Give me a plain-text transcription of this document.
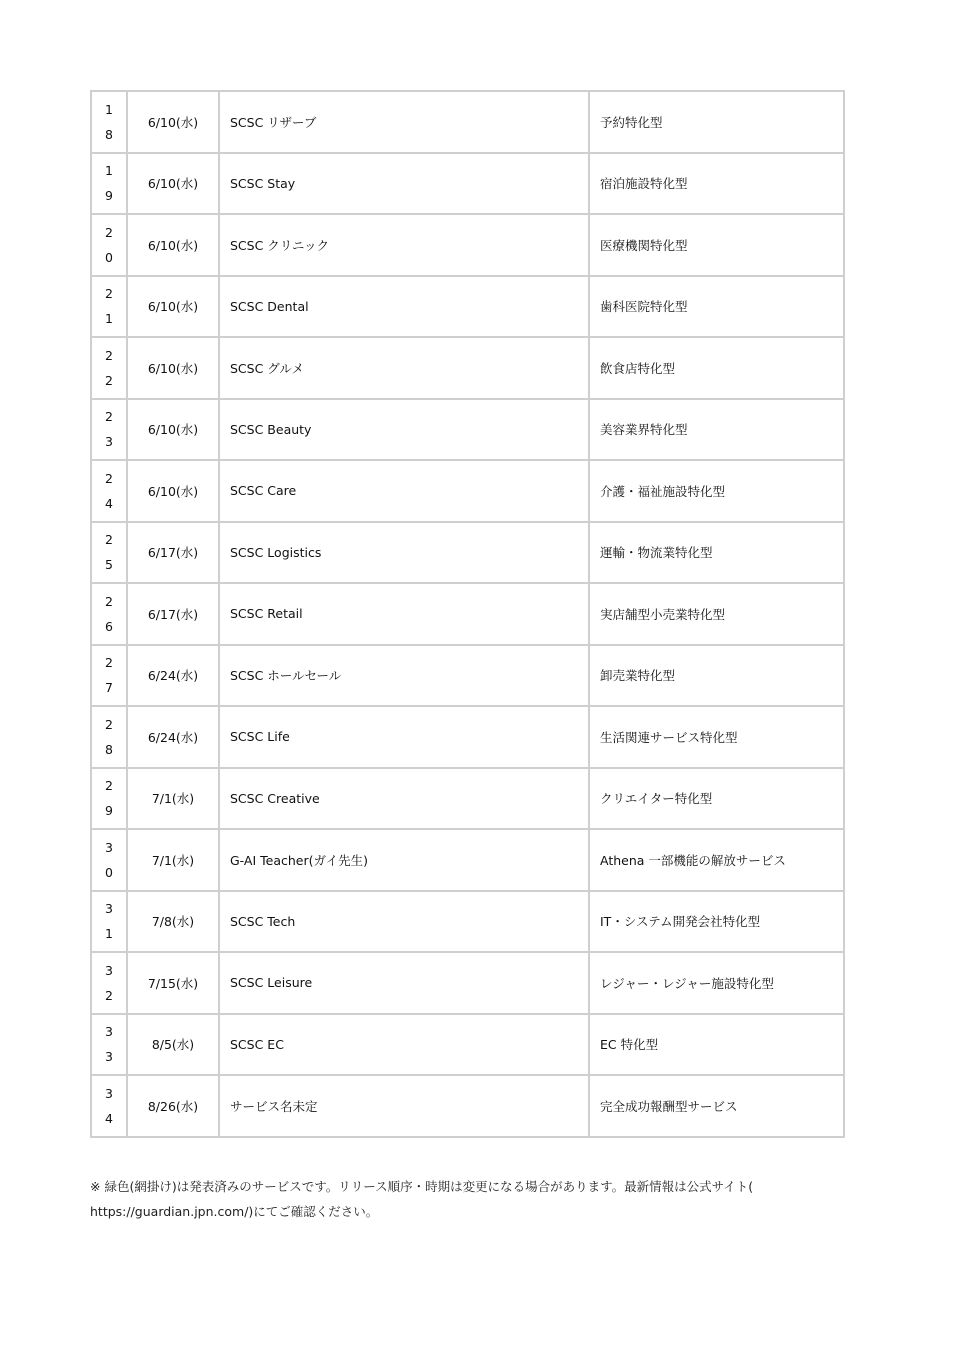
1
8	6/10(水)	SCSC リザーブ	予約特化型

1
9	6/10(水)	SCSC Stay	宿泊施設特化型

2
0	6/10(水)	SCSC クリニック	医療機関特化型

2
1	6/10(水)	SCSC Dental	歯科医院特化型

2
2	6/10(水)	SCSC グルメ	飲食店特化型

2
3	6/10(水)	SCSC Beauty	美容業界特化型

2
4	6/10(水)	SCSC Care	介護・福祉施設特化型

2
5	6/17(水)	SCSC Logistics	運輸・物流業特化型

2
6	6/17(水)	SCSC Retail	実店舗型小売業特化型

2
7	6/24(水)	SCSC ホールセール	卸売業特化型

2
8	6/24(水)	SCSC Life	生活関連サービス特化型

2
9	7/1(水)	SCSC Creative	クリエイター特化型

3
0	7/1(水)	G-AI Teacher(ガイ先生)	Athena 一部機能の解放サービス

3
1	7/8(水)	SCSC Tech	IT・システム開発会社特化型

3
2	7/15(水)	SCSC Leisure	レジャー・レジャー施設特化型

3
3	8/5(水)	SCSC EC	EC 特化型

3
4	8/26(水)	サービス名未定	完全成功報酬型サービス
※ 緑色(網掛け)は発表済みのサービスです。リリース順序・時期は変更になる場合があります。最新情報は公式サイト(
https://guardian.jpn.com/)にてご確認ください。
